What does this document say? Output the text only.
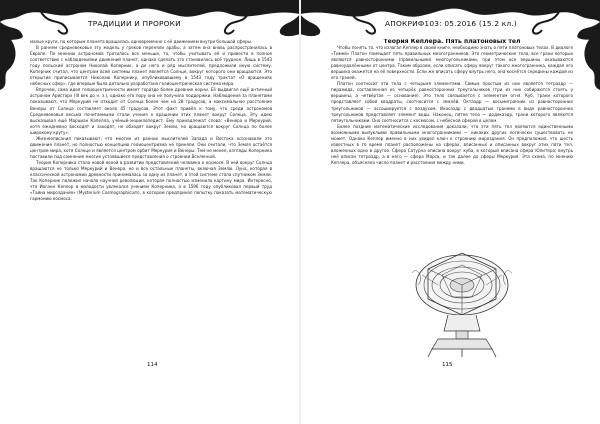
ТРАДИЦИИ И ПРОРОКИ	АПОКРИФ103: 05.2016 (15.2 кл.)

малые круги, по которым планета вращалась одновременно с её движением внутри большой сферы.

В раннем средневековье эту модель у греков переняли арабы, а затем она вновь распространилась в Европе. По мнению астрономов тратилось все меньше, то, чтобы учитывать её и привести в полное соответствие с наблюдениями движений планет, однако сделать это становилось всё труднее. Лишь в 1543 году польский астроном Николай Коперник, а до него и ряд мыслителей, предложили иную систему. Коперник считал, что центром всей системы планет является Солнце, вокруг которого они вращаются. Это открытие приписывается Николаю Копернику, опубликовавшему в 1543 году трактат «О вращениях небесных сфер», где впервые была детально разработана гелиоцентрическая система мира.

Впрочем, сама идея гелиоцентричности имеет гораздо более древние корни. Её выдвигал ещё античный астроном Аристарх (III век до н. э.), однако его пору она не получила поддержки. Наблюдения за планетами показывают, что Меркурий не отходит от Солнца более чем на 28 градусов, а максимальное расстояние Венеры от Солнца составляет около 45 градусов. Этот факт привёл к тому, что среди астрономов Средневековья весьма почитаемыми стали учения о вращении этих планет вокруг Солнца. Эту идею высказывал ещё Марциан Капелла, учёный-энциклопедист. Ему принадлежат слова: «Венера и Меркурий, хотя ежедневно восходят и заходят, не обходят вокруг Земли, но вращаются вокруг Солнца по более широкому кругу».

Жизнеописания показывают, что многие из ранних мыслителей Запада и Востока осознавали это движение планет, но полностью концепцию гелиоцентризма не приняли. Они считали, что Земля остаётся центром мира, хотя Солнце и является центром орбит Меркурия и Венеры. Тем не менее, взгляды Коперника поставили под сомнение многие устоявшиеся представления о строении Вселенной.

Теория Коперника стала новой вехой в развитии представлений человека о космосе. В ней вокруг Солнца вращаются не только Меркурий и Венера, но и все остальные планеты, включая Землю. Луна, которая в классической астрономии древности принималась за одну из планет, в этой системе стала спутником Земли. Так Коперник положил начало научной революции, которая полностью изменила картину мира. Интересно, что Иоганн Кеплер в молодости увлекался учением Коперника, а в 1596 году опубликовал первый труд «Тайна мироздания» (Mysterium Cosmographicum), в котором предпринял попытку показать математическую гармонию космоса.

Теория Кеплера. Пять платоновых тел

Чтобы понять то, что излагал Кеплер в своей книге, необходимо знать о пяти платоновых телах. В диалоге «Тимей» Платон помещает пять правильных многогранников. Это геометрические тела, все грани которых являются равносторонними (правильными) многоугольниками, при этом все вершины оказываются равноудалёнными от центра. Таким образом, если описать сферу вокруг такого многогранника, каждая его вершина окажется на её поверхности. Если же вписать сферу внутрь него, она коснётся середины каждой из его граней.

Платон соотносит эти тела с четырьмя элементами. Самым простым из них является тетраэдр — пирамида, составленная из четырёх равносторонних треугольников (три из них собираются стоять у вершины, а четвёртая — основание). Это тело связывается с элементом огня. Куб, грани которого представляет собой квадраты, соотносится с землёй. Октаэдр — восьмигранник из равносторонних треугольников — ассоциируется с воздухом. Икосаэдр с двадцатью гранями в виде равносторонних треугольников представляет элемент воды. Наконец, пятое тело — додекаэдр, грани которого являются пятиугольниками. Оно соотносится с космосом, с небесной сферой в целом.

Более поздние математические исследования доказали, что эти пять тел являются единственными возможными выпуклыми правильными многогранниками — никаких других логически существовать не может. Однако Кеплер именно в них увидел ключ к строению мироздания. Он предположил, что шесть известных в то время планет расположены на сферах, вписанных и описанных вокруг этих пяти тел, вложенных одно в другое. Сфера Сатурна описана вокруг куба, в который вписана сфера Юпитера; внутрь неё вписан тетраэдр, а в него — сфера Марса, и так далее до сферы Меркурия. Эта схема, по мнению Кеплера, объясняла число планет и расстояния между ними.

114	115
